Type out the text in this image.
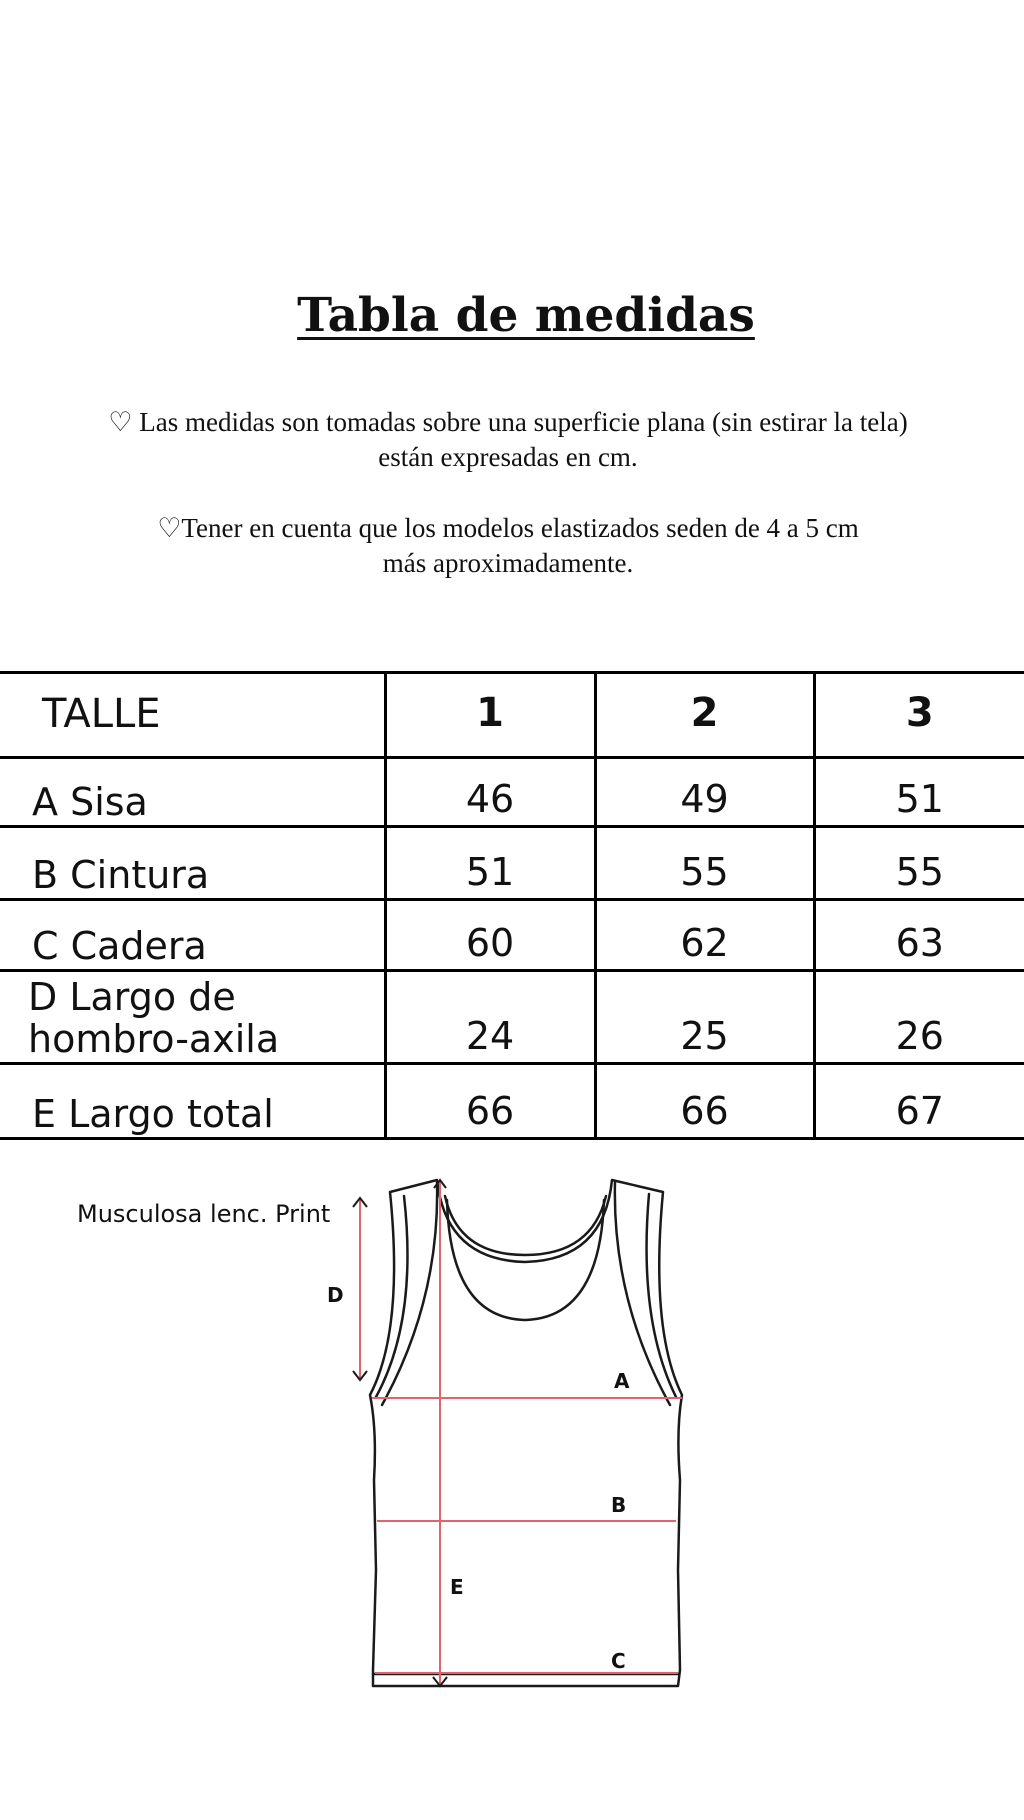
Tabla de medidas
♡ Las medidas son tomadas sobre una superficie plana (sin estirar la tela)
están expresadas en cm.
♡Tener en cuenta que los modelos elastizados seden de 4 a 5 cm
más aproximadamente.
TALLE	1	2	3
A Sisa	46	49	51
B Cintura	51	55	55
C Cadera	60	62	63

D Largo de
hombro-axila	24	25	26
E Largo total	66	66	67
Musculosa lenc. Print
A
B
C
D
E
